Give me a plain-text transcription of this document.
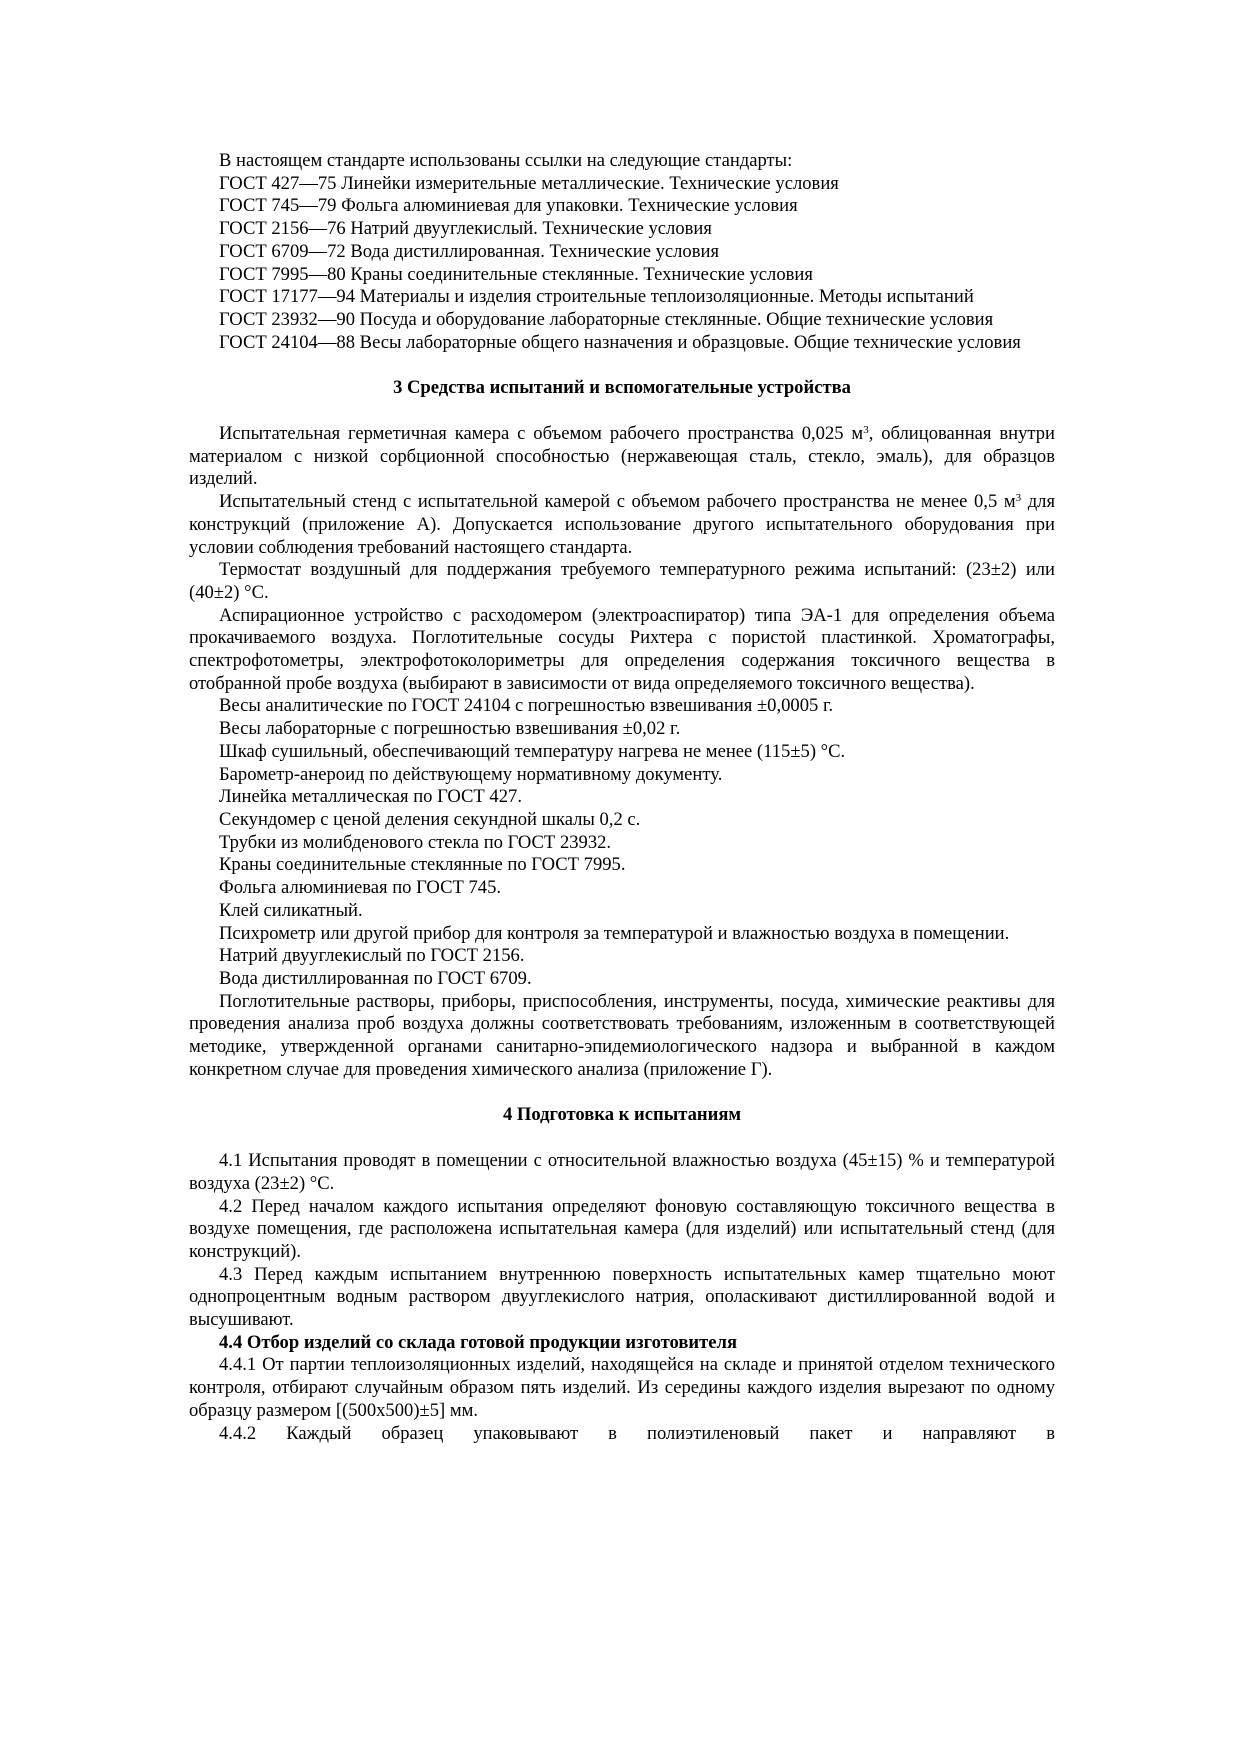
В настоящем стандарте использованы ссылки на следующие стандарты:

ГОСТ 427—75 Линейки измерительные металлические. Технические условия

ГОСТ 745—79 Фольга алюминиевая для упаковки. Технические условия

ГОСТ 2156—76 Натрий двууглекислый. Технические условия

ГОСТ 6709—72 Вода дистиллированная. Технические условия

ГОСТ 7995—80 Краны соединительные стеклянные. Технические условия

ГОСТ 17177—94 Материалы и изделия строительные теплоизоляционные. Методы испытаний

ГОСТ 23932—90 Посуда и оборудование лабораторные стеклянные. Общие технические условия

ГОСТ 24104—88 Весы лабораторные общего назначения и образцовые. Общие технические условия

3 Средства испытаний и вспомогательные устройства

Испытательная герметичная камера с объемом рабочего пространства 0,025 $м^3$, облицованная внутри материалом с низкой сорбционной способностью (нержавеющая сталь, стекло, эмаль), для образцов изделий.

Испытательный стенд с испытательной камерой с объемом рабочего пространства не менее 0,5 $м^3$ для конструкций (приложение А). Допускается использование другого испытательного оборудования при условии соблюдения требований настоящего стандарта.

Термостат воздушный для поддержания требуемого температурного режима испытаний: (23±2) или (40±2) °С.

Аспирационное устройство с расходомером (электроаспиратор) типа ЭА-1 для определения объема прокачиваемого воздуха. Поглотительные сосуды Рихтера с пористой пластинкой. Хроматографы, спектрофотометры, электрофотоколориметры для определения содержания токсичного вещества в отобранной пробе воздуха (выбирают в зависимости от вида определяемого токсичного вещества).

Весы аналитические по ГОСТ 24104 с погрешностью взвешивания ±0,0005 г.

Весы лабораторные с погрешностью взвешивания ±0,02 г.

Шкаф сушильный, обеспечивающий температуру нагрева не менее (115±5) °С.

Барометр-анероид по действующему нормативному документу.

Линейка металлическая по ГОСТ 427.

Секундомер с ценой деления секундной шкалы 0,2 с.

Трубки из молибденового стекла по ГОСТ 23932.

Краны соединительные стеклянные по ГОСТ 7995.

Фольга алюминиевая по ГОСТ 745.

Клей силикатный.

Психрометр или другой прибор для контроля за температурой и влажностью воздуха в помещении.

Натрий двууглекислый по ГОСТ 2156.

Вода дистиллированная по ГОСТ 6709.

Поглотительные растворы, приборы, приспособления, инструменты, посуда, химические реактивы для проведения анализа проб воздуха должны соответствовать требованиям, изложенным в соответствующей методике, утвержденной органами санитарно-эпидемиологического надзора и выбранной в каждом конкретном случае для проведения химического анализа (приложение Г).

4 Подготовка к испытаниям

4.1 Испытания проводят в помещении с относительной влажностью воздуха (45±15) % и температурой воздуха (23±2) °С.

4.2 Перед началом каждого испытания определяют фоновую составляющую токсичного вещества в воздухе помещения, где расположена испытательная камера (для изделий) или испытательный стенд (для конструкций).

4.3 Перед каждым испытанием внутреннюю поверхность испытательных камер тщательно моют однопроцентным водным раствором двууглекислого натрия, ополаскивают дистиллированной водой и высушивают.

4.4 Отбор изделий со склада готовой продукции изготовителя

4.4.1 От партии теплоизоляционных изделий, находящейся на складе и принятой отделом технического контроля, отбирают случайным образом пять изделий. Из середины каждого изделия вырезают по одному образцу размером [(500x500)±5] мм.

4.4.2 Каждый образец упаковывают в полиэтиленовый пакет и направляют в
